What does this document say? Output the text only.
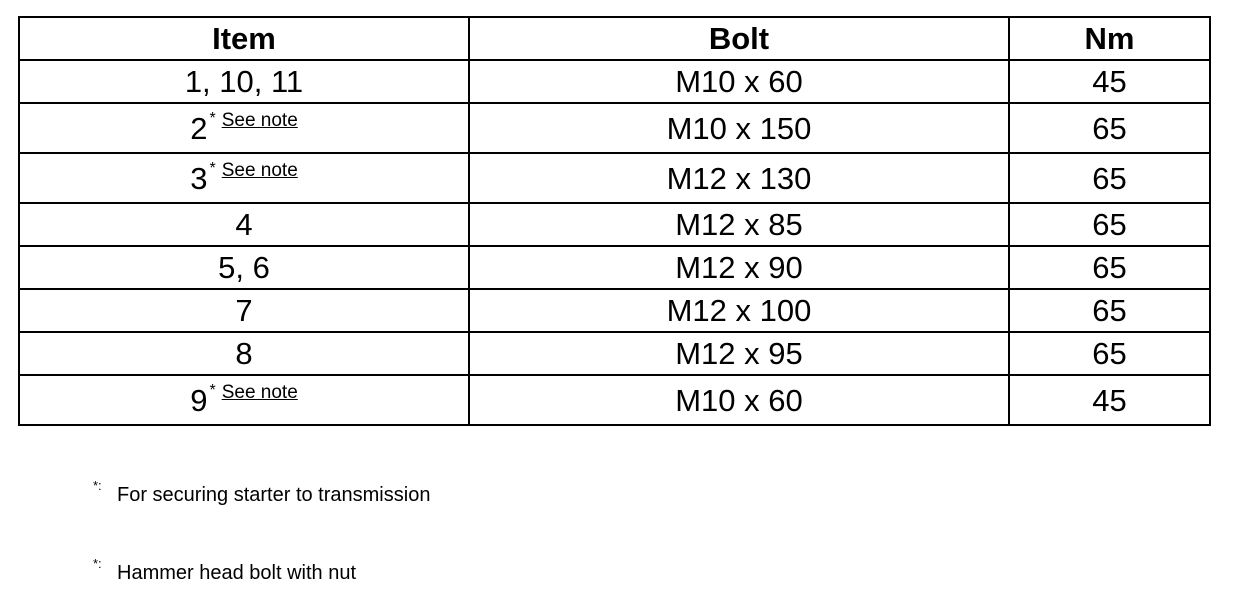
Item	Bolt	Nm
1, 10, 11	M10 x 60	45
2 * $^{See note}$	M10 x 150	65
3 * $^{See note}$	M12 x 130	65
4	M12 x 85	65
5, 6	M12 x 90	65
7	M12 x 100	65
8	M12 x 95	65
9 * $^{See note}$	M10 x 60	45
*: For securing starter to transmission
*: Hammer head bolt with nut
